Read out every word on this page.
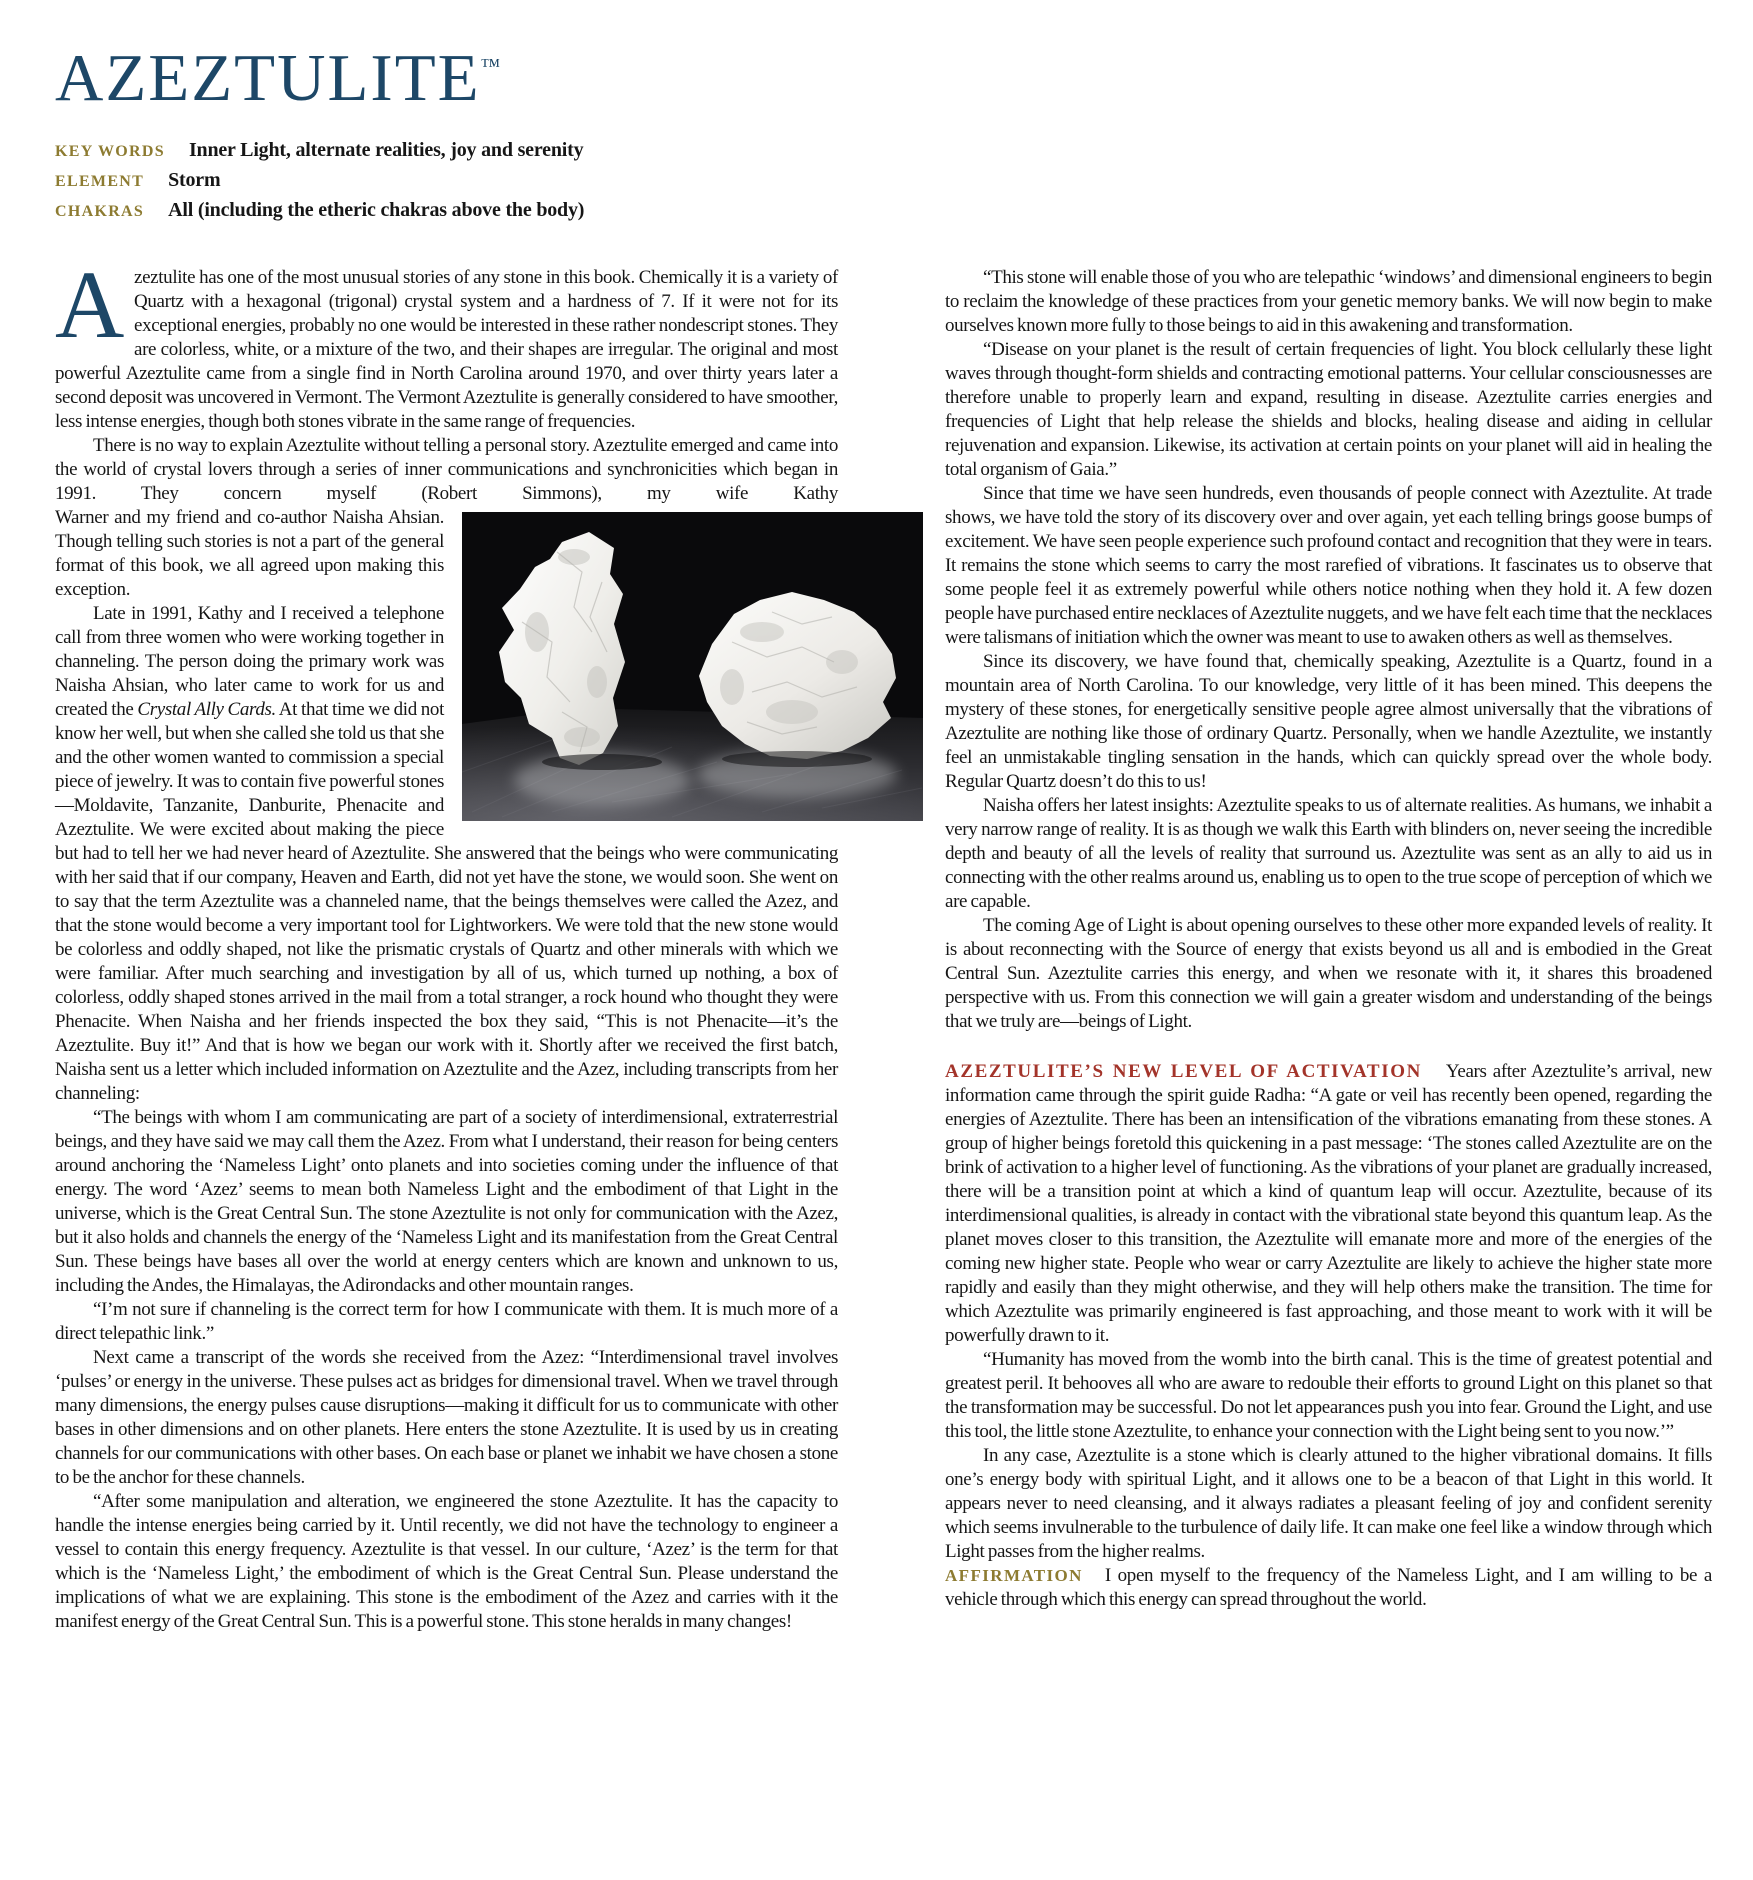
AZEZTULITE™
KEY WORDS Inner Light, alternate realities, joy and serenity
ELEMENT Storm
CHAKRAS All (including the etheric chakras above the body)

Azeztulite has one of the most unusual stories of any stone in this book. Chemically it is a variety of Quartz with a hexagonal (trigonal) crystal system and a hardness of 7. If it were not for its exceptional energies, probably no one would be interested in these rather nondescript stones. They are colorless, white, or a mixture of the two, and their shapes are irregular. The original and most powerful Azeztulite came from a single find in North Carolina around 1970, and over thirty years later a second deposit was uncovered in Vermont. The Vermont Azeztulite is generally considered to have smoother, less intense energies, though both stones vibrate in the same range of frequencies.

There is no way to explain Azeztulite without telling a personal story. Azeztulite emerged and came into the world of crystal lovers through a series of inner communications and synchronicities which began in 1991. They concern myself (Robert Simmons), my wife Kathy

Warner and my friend and co-author Naisha Ahsian. Though telling such stories is not a part of the general format of this book, we all agreed upon making this exception.

Late in 1991, Kathy and I received a telephone call from three women who were working together in channeling. The person doing the primary work was Naisha Ahsian, who later came to work for us and created the Crystal Ally Cards. At that time we did not know her well, but when she called she told us that she and the other women wanted to commission a special piece of jewelry. It was to contain five powerful stones—Moldavite, Tanzanite, Danburite, Phenacite and Azeztulite. We were excited about making the piece but had to tell her we had never heard of Azeztulite. She answered that the beings who were communicating with her said that if our company, Heaven and Earth, did not yet have the stone, we would soon. She went on to say that the term Azeztulite was a channeled name, that the beings themselves were called the Azez, and that the stone would become a very important tool for Lightworkers. We were told that the new stone would be colorless and oddly shaped, not like the prismatic crystals of Quartz and other minerals with which we were familiar. After much searching and investigation by all of us, which turned up nothing, a box of colorless, oddly shaped stones arrived in the mail from a total stranger, a rock hound who thought they were Phenacite. When Naisha and her friends inspected the box they said, “This is not Phenacite—it’s the Azeztulite. Buy it!” And that is how we began our work with it. Shortly after we received the first batch, Naisha sent us a letter which included information on Azeztulite and the Azez, including transcripts from her channeling:

“The beings with whom I am communicating are part of a society of interdimensional, extraterrestrial beings, and they have said we may call them the Azez. From what I understand, their reason for being centers around anchoring the ‘Nameless Light’ onto planets and into societies coming under the influence of that energy. The word ‘Azez’ seems to mean both Nameless Light and the embodiment of that Light in the universe, which is the Great Central Sun. The stone Azeztulite is not only for communication with the Azez, but it also holds and channels the energy of the ‘Nameless Light and its manifestation from the Great Central Sun. These beings have bases all over the world at energy centers which are known and unknown to us, including the Andes, the Himalayas, the Adirondacks and other mountain ranges.

“I’m not sure if channeling is the correct term for how I communicate with them. It is much more of a direct telepathic link.”

Next came a transcript of the words she received from the Azez: “Interdimensional travel involves ‘pulses’ or energy in the universe. These pulses act as bridges for dimensional travel. When we travel through many dimensions, the energy pulses cause disruptions—making it difficult for us to communicate with other bases in other dimensions and on other planets. Here enters the stone Azeztulite. It is used by us in creating channels for our communications with other bases. On each base or planet we inhabit we have chosen a stone to be the anchor for these channels.

“After some manipulation and alteration, we engineered the stone Azeztulite. It has the capacity to handle the intense energies being carried by it. Until recently, we did not have the technology to engineer a vessel to contain this energy frequency. Azeztulite is that vessel. In our culture, ‘Azez’ is the term for that which is the ‘Nameless Light,’ the embodiment of which is the Great Central Sun. Please understand the implications of what we are explaining. This stone is the embodiment of the Azez and carries with it the manifest energy of the Great Central Sun. This is a powerful stone. This stone heralds in many changes!

“This stone will enable those of you who are telepathic ‘windows’ and dimensional engineers to begin to reclaim the knowledge of these practices from your genetic memory banks. We will now begin to make ourselves known more fully to those beings to aid in this awakening and transformation.

“Disease on your planet is the result of certain frequencies of light. You block cellularly these light waves through thought-form shields and contracting emotional patterns. Your cellular consciousnesses are therefore unable to properly learn and expand, resulting in disease. Azeztulite carries energies and frequencies of Light that help release the shields and blocks, healing disease and aiding in cellular rejuvenation and expansion. Likewise, its activation at certain points on your planet will aid in healing the total organism of Gaia.”

Since that time we have seen hundreds, even thousands of people connect with Azeztulite. At trade shows, we have told the story of its discovery over and over again, yet each telling brings goose bumps of excitement. We have seen people experience such profound contact and recognition that they were in tears. It remains the stone which seems to carry the most rarefied of vibrations. It fascinates us to observe that some people feel it as extremely powerful while others notice nothing when they hold it. A few dozen people have purchased entire necklaces of Azeztulite nuggets, and we have felt each time that the necklaces were talismans of initiation which the owner was meant to use to awaken others as well as themselves.

Since its discovery, we have found that, chemically speaking, Azeztulite is a Quartz, found in a mountain area of North Carolina. To our knowledge, very little of it has been mined. This deepens the mystery of these stones, for energetically sensitive people agree almost universally that the vibrations of Azeztulite are nothing like those of ordinary Quartz. Personally, when we handle Azeztulite, we instantly feel an unmistakable tingling sensation in the hands, which can quickly spread over the whole body. Regular Quartz doesn’t do this to us!

Naisha offers her latest insights: Azeztulite speaks to us of alternate realities. As humans, we inhabit a very narrow range of reality. It is as though we walk this Earth with blinders on, never seeing the incredible depth and beauty of all the levels of reality that surround us. Azeztulite was sent as an ally to aid us in connecting with the other realms around us, enabling us to open to the true scope of perception of which we are capable.

The coming Age of Light is about opening ourselves to these other more expanded levels of reality. It is about reconnecting with the Source of energy that exists beyond us all and is embodied in the Great Central Sun. Azeztulite carries this energy, and when we resonate with it, it shares this broadened perspective with us. From this connection we will gain a greater wisdom and understanding of the beings that we truly are—beings of Light.

AZEZTULITE’S NEW LEVEL OF ACTIVATION Years after Azeztulite’s arrival, new information came through the spirit guide Radha: “A gate or veil has recently been opened, regarding the energies of Azeztulite. There has been an intensification of the vibrations emanating from these stones. A group of higher beings foretold this quickening in a past message: ‘The stones called Azeztulite are on the brink of activation to a higher level of functioning. As the vibrations of your planet are gradually increased, there will be a transition point at which a kind of quantum leap will occur. Azeztulite, because of its interdimensional qualities, is already in contact with the vibrational state beyond this quantum leap. As the planet moves closer to this transition, the Azeztulite will emanate more and more of the energies of the coming new higher state. People who wear or carry Azeztulite are likely to achieve the higher state more rapidly and easily than they might otherwise, and they will help others make the transition. The time for which Azeztulite was primarily engineered is fast approaching, and those meant to work with it will be powerfully drawn to it.

“Humanity has moved from the womb into the birth canal. This is the time of greatest potential and greatest peril. It behooves all who are aware to redouble their efforts to ground Light on this planet so that the transformation may be successful. Do not let appearances push you into fear. Ground the Light, and use this tool, the little stone Azeztulite, to enhance your connection with the Light being sent to you now.’”

In any case, Azeztulite is a stone which is clearly attuned to the higher vibrational domains. It fills one’s energy body with spiritual Light, and it allows one to be a beacon of that Light in this world. It appears never to need cleansing, and it always radiates a pleasant feeling of joy and confident serenity which seems invulnerable to the turbulence of daily life. It can make one feel like a window through which Light passes from the higher realms.

AFFIRMATION I open myself to the frequency of the Nameless Light, and I am willing to be a vehicle through which this energy can spread throughout the world.
